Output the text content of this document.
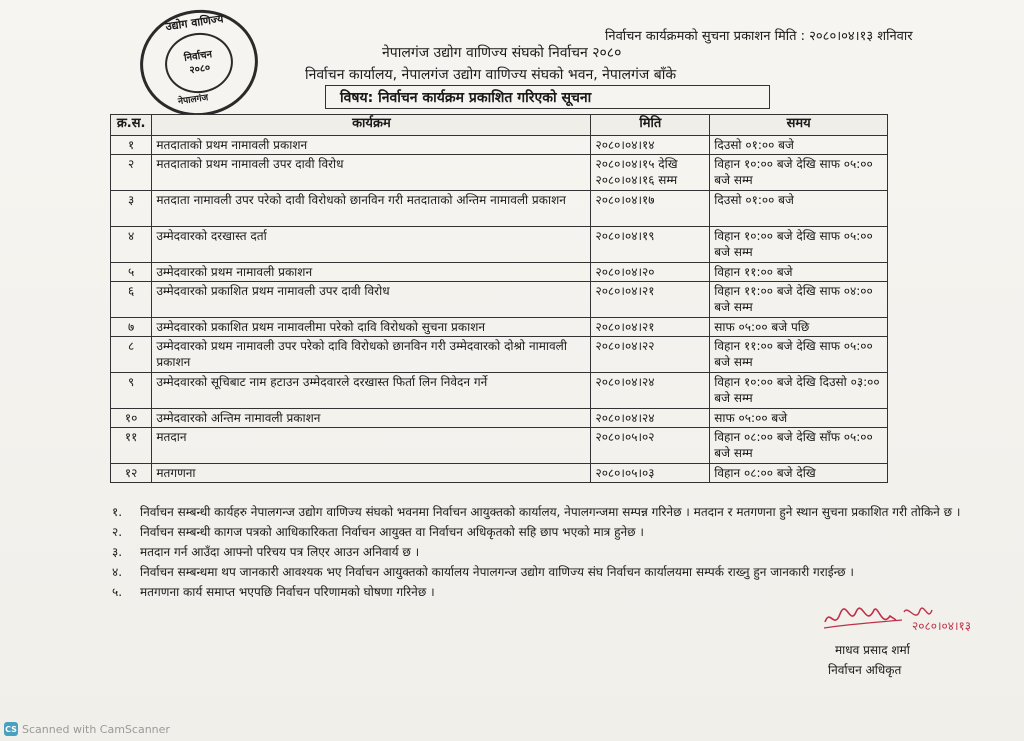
उद्योग वाणिज्य
निर्वाचन
२०८०
नेपालगंज
निर्वाचन कार्यक्रमको सुचना प्रकाशन मिति : २०८०।०४।१३ शनिवार
नेपालगंज उद्योग वाणिज्य संघको निर्वाचन २०८०
निर्वाचन कार्यालय, नेपालगंज उद्योग वाणिज्य संघको भवन, नेपालगंज बाँके
विषय: निर्वाचन कार्यक्रम प्रकाशित गरिएको सूचना
क्र.स.	कार्यक्रम	मिति	समय
१	मतदाताको प्रथम नामावली प्रकाशन	२०८०।०४।१४	दिउसो ०१:०० बजे
२	मतदाताको प्रथम नामावली उपर दावी विरोध	२०८०।०४।१५ देखि २०८०।०४।१६ सम्म	विहान १०:०० बजे देखि साफ ०५:०० बजे सम्म
३	मतदाता नामावली उपर परेको दावी विरोधको छानविन गरी मतदाताको अन्तिम नामावली प्रकाशन	२०८०।०४।१७	दिउसो ०१:०० बजे
४	उम्मेदवारको दरखास्त दर्ता	२०८०।०४।१९	विहान १०:०० बजे देखि साफ ०५:०० बजे सम्म
५	उम्मेदवारको प्रथम नामावली प्रकाशन	२०८०।०४।२०	विहान ११:०० बजे
६	उम्मेदवारको प्रकाशित प्रथम नामावली उपर दावी विरोध	२०८०।०४।२१	विहान ११:०० बजे देखि साफ ०४:०० बजे सम्म
७	उम्मेदवारको प्रकाशित प्रथम नामावलीमा परेको दावि विरोधको सुचना प्रकाशन	२०८०।०४।२१	साफ ०५:०० बजे पछि
८	उम्मेदवारको प्रथम नामावली उपर परेको दावि विरोधको छानविन गरी उम्मेदवारको दोश्रो नामावली प्रकाशन	२०८०।०४।२२	विहान ११:०० बजे देखि साफ ०५:०० बजे सम्म
९	उम्मेदवारको सूचिबाट नाम हटाउन उम्मेदवारले दरखास्त फिर्ता लिन निवेदन गर्ने	२०८०।०४।२४	विहान १०:०० बजे देखि दिउसो ०३:०० बजे सम्म
१०	उम्मेदवारको अन्तिम नामावली प्रकाशन	२०८०।०४।२४	साफ ०५:०० बजे
११	मतदान	२०८०।०५।०२	विहान ०८:०० बजे देखि साँफ ०५:०० बजे सम्म
१२	मतगणना	२०८०।०५।०३	विहान ०८:०० बजे देखि
१.	निर्वाचन सम्बन्धी कार्यहरु नेपालगन्ज उद्योग वाणिज्य संघको भवनमा निर्वाचन आयुक्तको कार्यालय, नेपालगन्जमा सम्पन्न गरिनेछ । मतदान र मतगणना हुने स्थान सुचना प्रकाशित गरी तोकिने छ ।
२.	निर्वाचन सम्बन्धी कागज पत्रको आधिकारिकता निर्वाचन आयुक्त वा निर्वाचन अधिकृतको सहि छाप भएको मात्र हुनेछ ।
३.	मतदान गर्न आउँदा आफ्नो परिचय पत्र लिएर आउन अनिवार्य छ ।
४.	निर्वाचन सम्बन्धमा थप जानकारी आवश्यक भए निर्वाचन आयुक्तको कार्यालय नेपालगन्ज उद्योग वाणिज्य संघ निर्वाचन कार्यालयमा सम्पर्क राख्नु हुन जानकारी गराईन्छ ।
५.	मतगणना कार्य समाप्त भएपछि निर्वाचन परिणामको घोषणा गरिनेछ ।
२०८०।०४।१३
माधव प्रसाद शर्मा
निर्वाचन अधिकृत
CS Scanned with CamScanner
